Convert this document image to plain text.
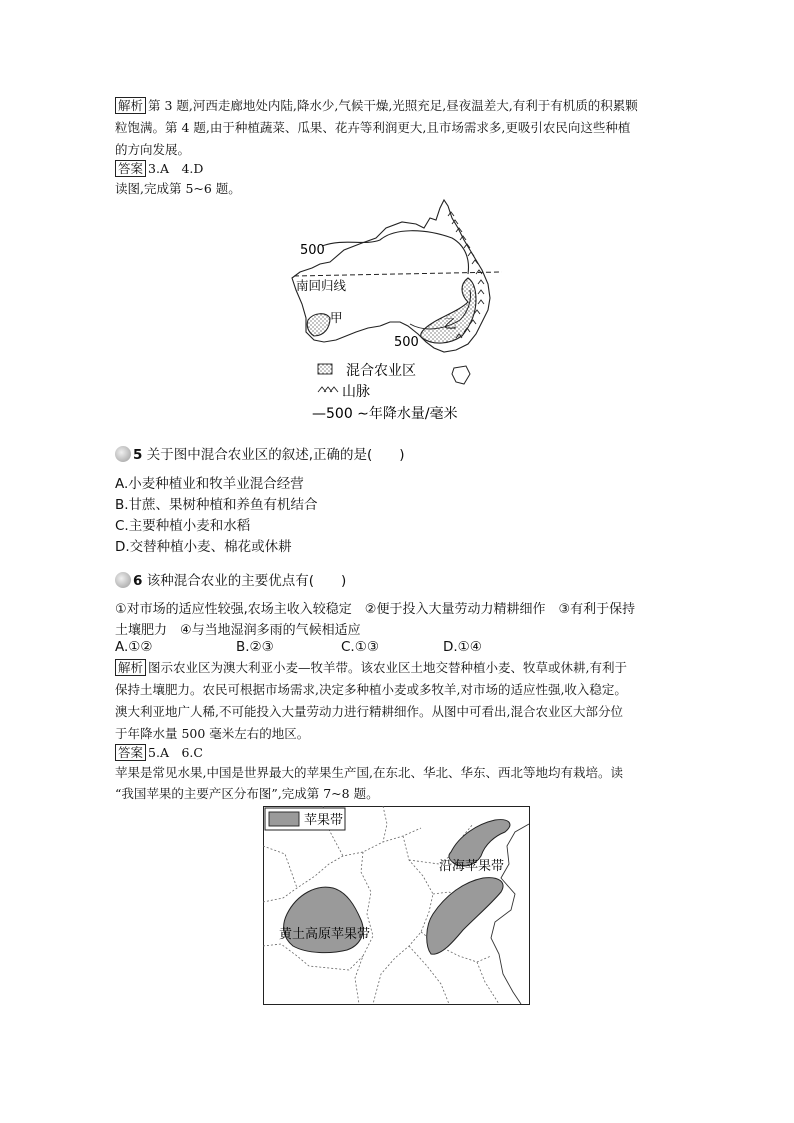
解析 第 3 题,河西走廊地处内陆,降水少,气候干燥,光照充足,昼夜温差大,有利于有机质的积累颗
粒饱满。第 4 题,由于种植蔬菜、瓜果、花卉等利润更大,且市场需求多,更吸引农民向这些种植
的方向发展。
答案 3.A　4.D
读图,完成第 5~6 题。
500
南回归线
甲	乙
500
混合农业区
山脉
—500 ∼年降水量/毫米
5 关于图中混合农业区的叙述,正确的是(　　)
A.小麦种植业和牧羊业混合经营
B.甘蔗、果树种植和养鱼有机结合
C.主要种植小麦和水稻
D.交替种植小麦、棉花或休耕
6 该种混合农业的主要优点有(　　)
①对市场的适应性较强,农场主收入较稳定　②便于投入大量劳动力精耕细作　③有利于保持
土壤肥力　④与当地湿润多雨的气候相适应
A.①②	B.②③	C.①③	D.①④
解析 图示农业区为澳大利亚小麦—牧羊带。该农业区土地交替种植小麦、牧草或休耕,有利于
保持土壤肥力。农民可根据市场需求,决定多种植小麦或多牧羊,对市场的适应性强,收入稳定。
澳大利亚地广人稀,不可能投入大量劳动力进行精耕细作。从图中可看出,混合农业区大部分位
于年降水量 500 毫米左右的地区。
答案 5.A　6.C
苹果是常见水果,中国是世界最大的苹果生产国,在东北、华北、华东、西北等地均有栽培。读
“我国苹果的主要产区分布图”,完成第 7~8 题。
苹果带
沿海苹果带
黄土高原苹果带
